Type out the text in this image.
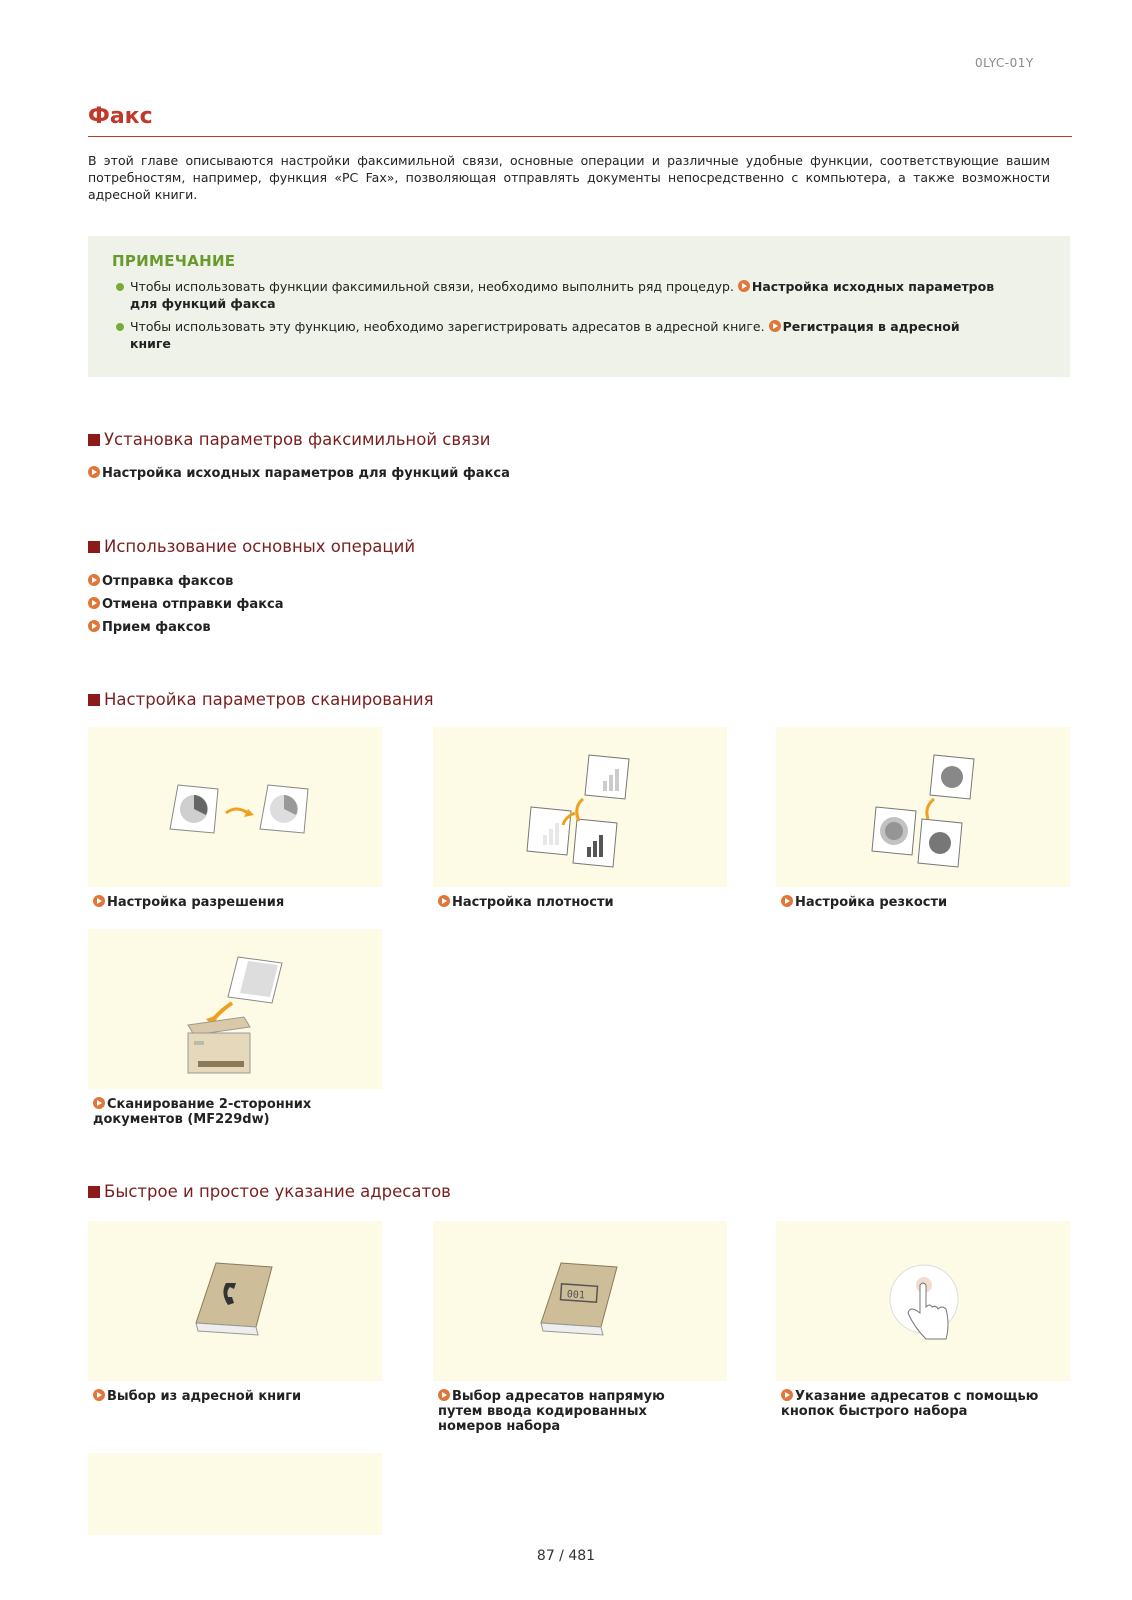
0LYC-01Y
Факс
В этой главе описываются настройки факсимильной связи, основные операции и различные удобные функции, соответствующие вашим потребностям, например, функция «PC Fax», позволяющая отправлять документы непосредственно с компьютера, а также возможности адресной книги.
ПРИМЕЧАНИЕ
Чтобы использовать функции факсимильной связи, необходимо выполнить ряд процедур. Настройка исходных параметров для функций факса
Чтобы использовать эту функцию, необходимо зарегистрировать адресатов в адресной книге. Регистрация в адресной книге
Установка параметров факсимильной связи
Настройка исходных параметров для функций факса
Использование основных операций
Отправка факсов
Отмена отправки факса
Прием факсов
Настройка параметров сканирования
Настройка разрешения	Настройка плотности	Настройка резкости
Сканирование 2-сторонних документов (MF229dw)
Быстрое и простое указание адресатов
Выбор из адресной книги
001
Выбор адресатов напрямую путем ввода кодированных номеров набора
Указание адресатов с помощью кнопок быстрого набора
87 / 481
